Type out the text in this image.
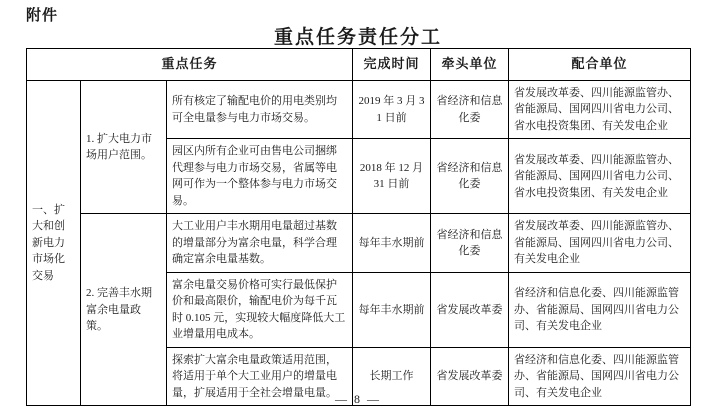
附件
重点任务责任分工
重点任务			完成时间	牵头单位	配合单位
一、扩大和创新电力市场化交易	1. 扩大电力市场用户范围。	所有核定了输配电价的用电类别均可全电量参与电力市场交易。	2019 年 3 月 31 日前	省经济和信息化委	省发展改革委、四川能源监管办、省能源局、国网四川省电力公司、省水电投资集团、有关发电企业
		园区内所有企业可由售电公司捆绑代理参与电力市场交易，省属等电网可作为一个整体参与电力市场交易。	2018 年 12 月 31 日前	省经济和信息化委	省发展改革委、四川能源监管办、省能源局、国网四川省电力公司、省水电投资集团、有关发电企业
	2. 完善丰水期富余电量政策。	大工业用户丰水期用电量超过基数的增量部分为富余电量，科学合理确定富余电量基数。	每年丰水期前	省经济和信息化委	省发展改革委、四川能源监管办、省能源局、国网四川省电力公司、有关发电企业
		富余电量交易价格可实行最低保护价和最高限价，输配电价为每千瓦时 0.105 元，实现较大幅度降低大工业增量用电成本。	每年丰水期前	省发展改革委	省经济和信息化委、四川能源监管办、省能源局、国网四川省电力公司、有关发电企业
		探索扩大富余电量政策适用范围，将适用于单个大工业用户的增量电量，扩展适用于全社会增量电量。	长期工作	省发展改革委	省经济和信息化委、四川能源监管办、省能源局、国网四川省电力公司、有关发电企业
— 8 —
